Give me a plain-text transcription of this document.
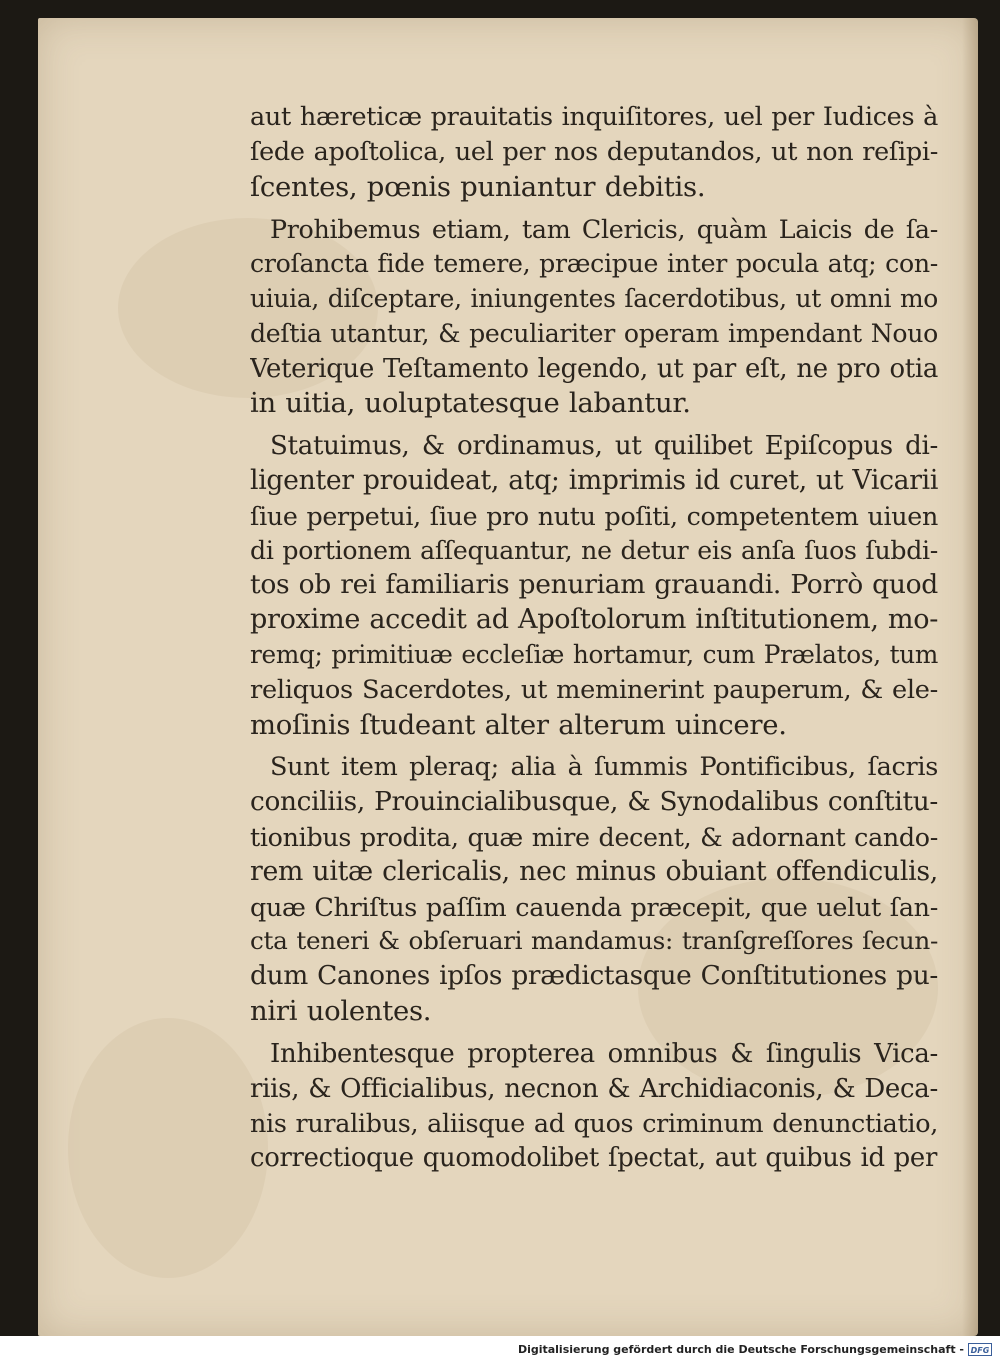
aut hæreticæ prauitatis inquiſitores, uel per Iudices à
ſede apoſtolica, uel per nos deputandos, ut non reſipi-
ſcentes, pœnis puniantur debitis.
Prohibemus etiam, tam Clericis, quàm Laicis de ſa-
croſancta fide temere, præcipue inter pocula atq; con-
uiuia, diſceptare, iniungentes ſacerdotibus, ut omni mo
deſtia utantur, & peculiariter operam impendant Nouo
Veterique Teſtamento legendo, ut par eſt, ne pro otia
in uitia, uoluptatesque labantur.
Statuimus, & ordinamus, ut quilibet Epiſcopus di-
ligenter prouideat, atq; imprimis id curet, ut Vicarii
ſiue perpetui, ſiue pro nutu poſiti, competentem uiuen
di portionem aſſequantur, ne detur eis anſa ſuos ſubdi-
tos ob rei familiaris penuriam grauandi. Porrò quod
proxime accedit ad Apoſtolorum inſtitutionem, mo-
remq; primitiuæ eccleſiæ hortamur, cum Prælatos, tum
reliquos Sacerdotes, ut meminerint pauperum, & ele-
moſinis ſtudeant alter alterum uincere.
Sunt item pleraq; alia à ſummis Pontificibus, ſacris
conciliis, Prouincialibusque, & Synodalibus conſtitu-
tionibus prodita, quæ mire decent, & adornant cando-
rem uitæ clericalis, nec minus obuiant offendiculis,
quæ Chriſtus paſſim cauenda præcepit, que uelut ſan-
cta teneri & obſeruari mandamus: tranſgreſſores ſecun-
dum Canones ipſos prædictasque Conſtitutiones pu-
niri uolentes.
Inhibentesque propterea omnibus & ſingulis Vica-
riis, & Officialibus, necnon & Archidiaconis, & Deca-
nis ruralibus, aliisque ad quos criminum denunctiatio,
correctioque quomodolibet ſpectat, aut quibus id per
Digitalisierung gefördert durch die Deutsche Forschungsgemeinschaft - DFG
